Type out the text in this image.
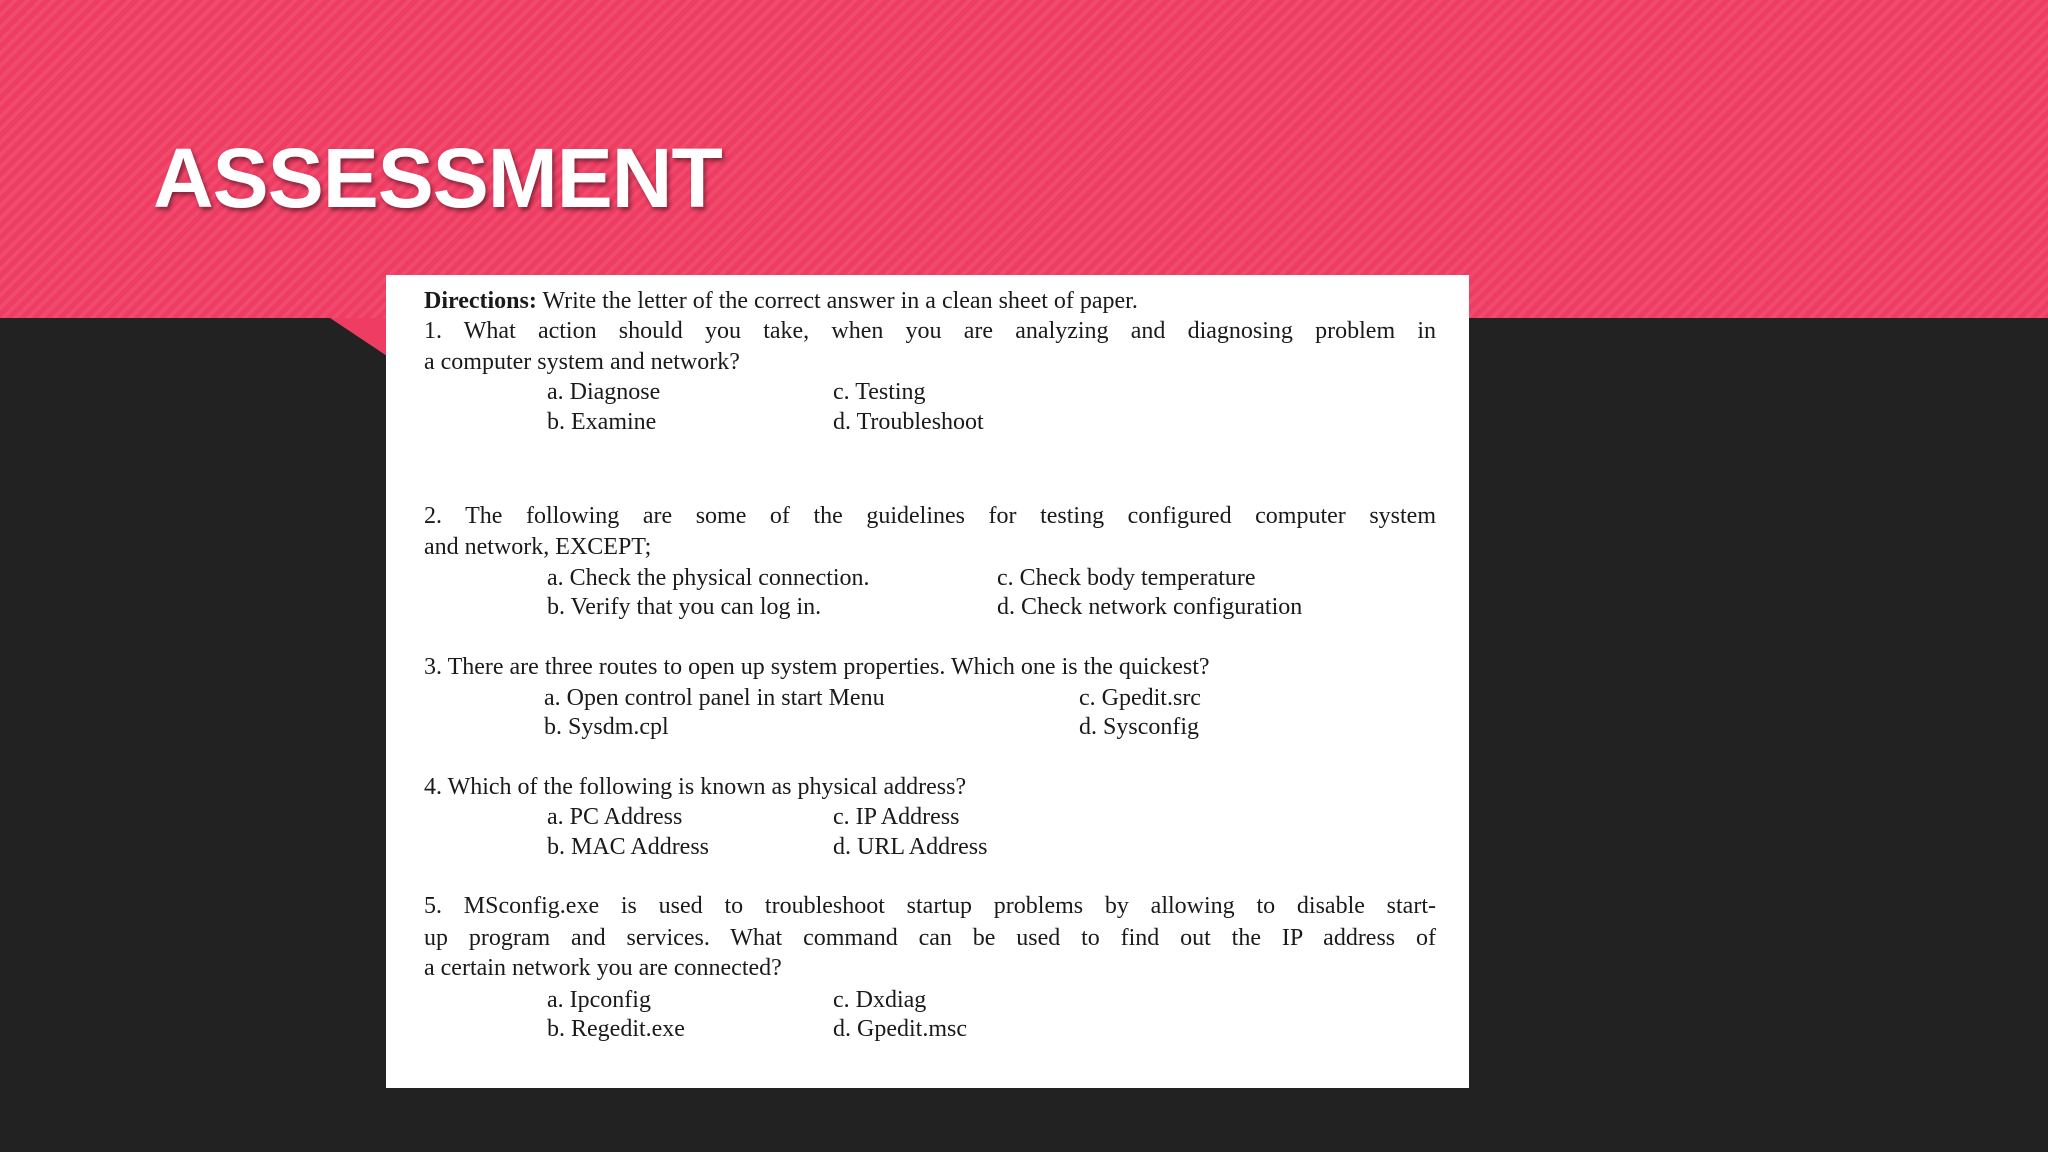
ASSESSMENT
Directions: Write the letter of the correct answer in a clean sheet of paper.
1. What action should you take, when you are analyzing and diagnosing problem in
a computer system and network?
a. Diagnose	c. Testing
b. Examine	d. Troubleshoot
2. The following are some of the guidelines for testing configured computer system
and network, EXCEPT;
a. Check the physical connection.	c. Check body temperature
b. Verify that you can log in.	d. Check network configuration
3. There are three routes to open up system properties. Which one is the quickest?
a. Open control panel in start Menu	c. Gpedit.src
b. Sysdm.cpl	d. Sysconfig
4. Which of the following is known as physical address?
a. PC Address	c. IP Address
b. MAC Address	d. URL Address
5. MSconfig.exe is used to troubleshoot startup problems by allowing to disable start-
up program and services. What command can be used to find out the IP address of
a certain network you are connected?
a. Ipconfig	c. Dxdiag
b. Regedit.exe	d. Gpedit.msc
